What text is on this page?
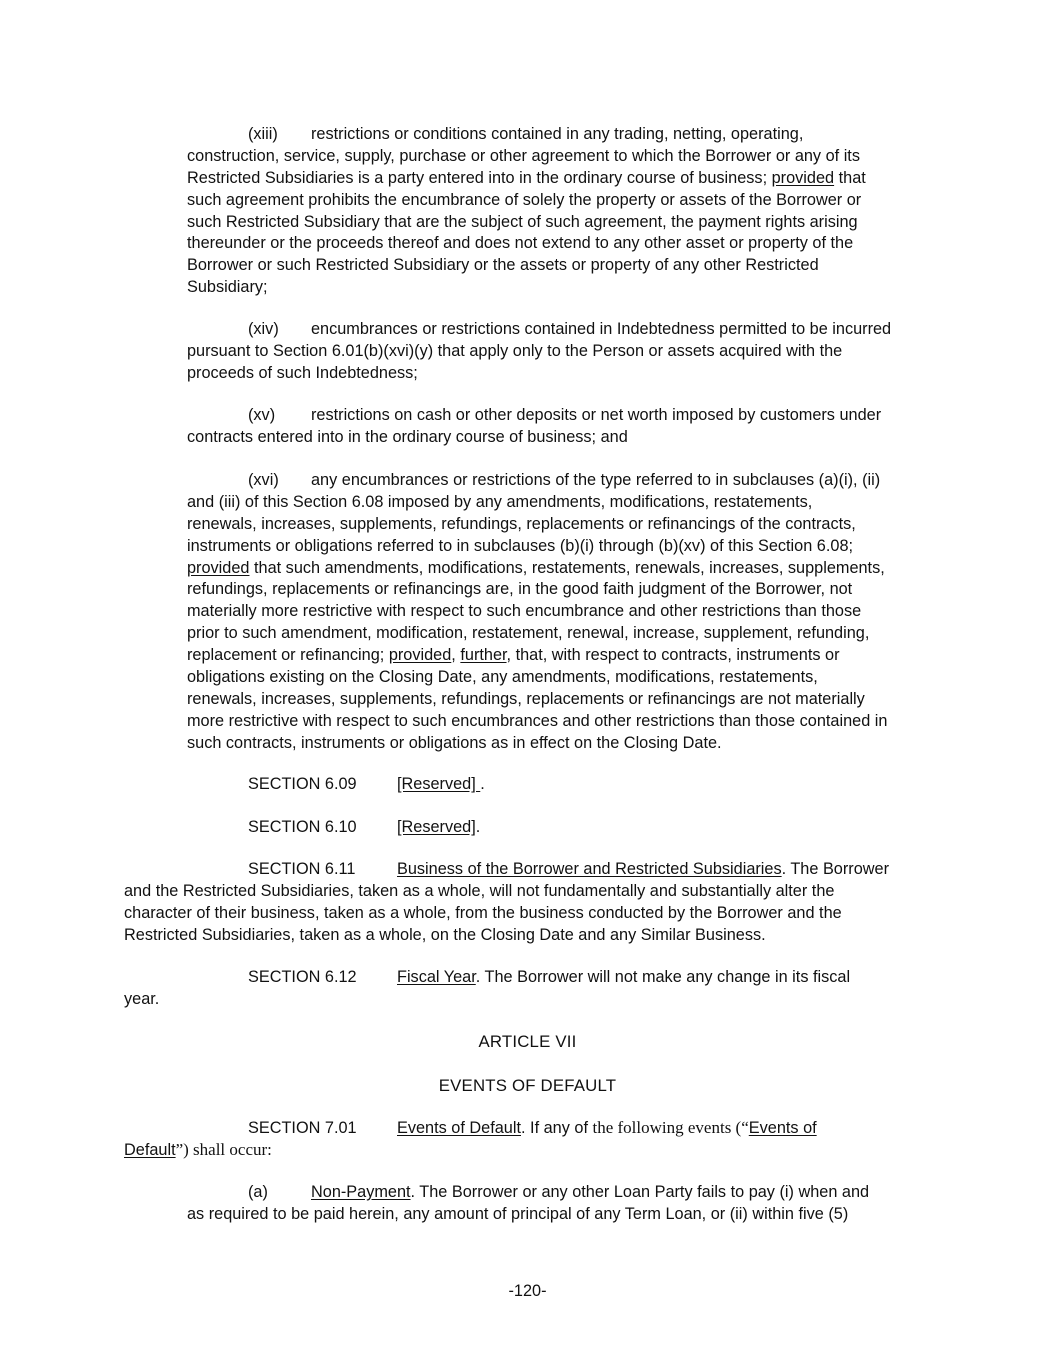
(xiii) restrictions or conditions contained in any trading, netting, operating,
construction, service, supply, purchase or other agreement to which the Borrower or any of its
Restricted Subsidiaries is a party entered into in the ordinary course of business; provided that
such agreement prohibits the encumbrance of solely the property or assets of the Borrower or
such Restricted Subsidiary that are the subject of such agreement, the payment rights arising
thereunder or the proceeds thereof and does not extend to any other asset or property of the
Borrower or such Restricted Subsidiary or the assets or property of any other Restricted
Subsidiary;
(xiv) encumbrances or restrictions contained in Indebtedness permitted to be incurred
pursuant to Section 6.01(b)(xvi)(y) that apply only to the Person or assets acquired with the
proceeds of such Indebtedness;
(xv) restrictions on cash or other deposits or net worth imposed by customers under
contracts entered into in the ordinary course of business; and
(xvi) any encumbrances or restrictions of the type referred to in subclauses (a)(i), (ii)
and (iii) of this Section 6.08 imposed by any amendments, modifications, restatements,
renewals, increases, supplements, refundings, replacements or refinancings of the contracts,
instruments or obligations referred to in subclauses (b)(i) through (b)(xv) of this Section 6.08;
provided that such amendments, modifications, restatements, renewals, increases, supplements,
refundings, replacements or refinancings are, in the good faith judgment of the Borrower, not
materially more restrictive with respect to such encumbrance and other restrictions than those
prior to such amendment, modification, restatement, renewal, increase, supplement, refunding,
replacement or refinancing; provided, further, that, with respect to contracts, instruments or
obligations existing on the Closing Date, any amendments, modifications, restatements,
renewals, increases, supplements, refundings, replacements or refinancings are not materially
more restrictive with respect to such encumbrances and other restrictions than those contained in
such contracts, instruments or obligations as in effect on the Closing Date.
SECTION 6.09 [Reserved] .
SECTION 6.10 [Reserved].
SECTION 6.11	Business of the Borrower and Restricted Subsidiaries. The Borrower
and the Restricted Subsidiaries, taken as a whole, will not fundamentally and substantially alter the
character of their business, taken as a whole, from the business conducted by the Borrower and the
Restricted Subsidiaries, taken as a whole, on the Closing Date and any Similar Business.
SECTION 6.12 Fiscal Year. The Borrower will not make any change in its fiscal
year.
ARTICLE VII
EVENTS OF DEFAULT
SECTION 7.01 Events of Default. If any of the following events (“Events of
Default”) shall occur:
(a)	Non-Payment. The Borrower or any other Loan Party fails to pay (i) when and
as required to be paid herein, any amount of principal of any Term Loan, or (ii) within five (5)
-120-
